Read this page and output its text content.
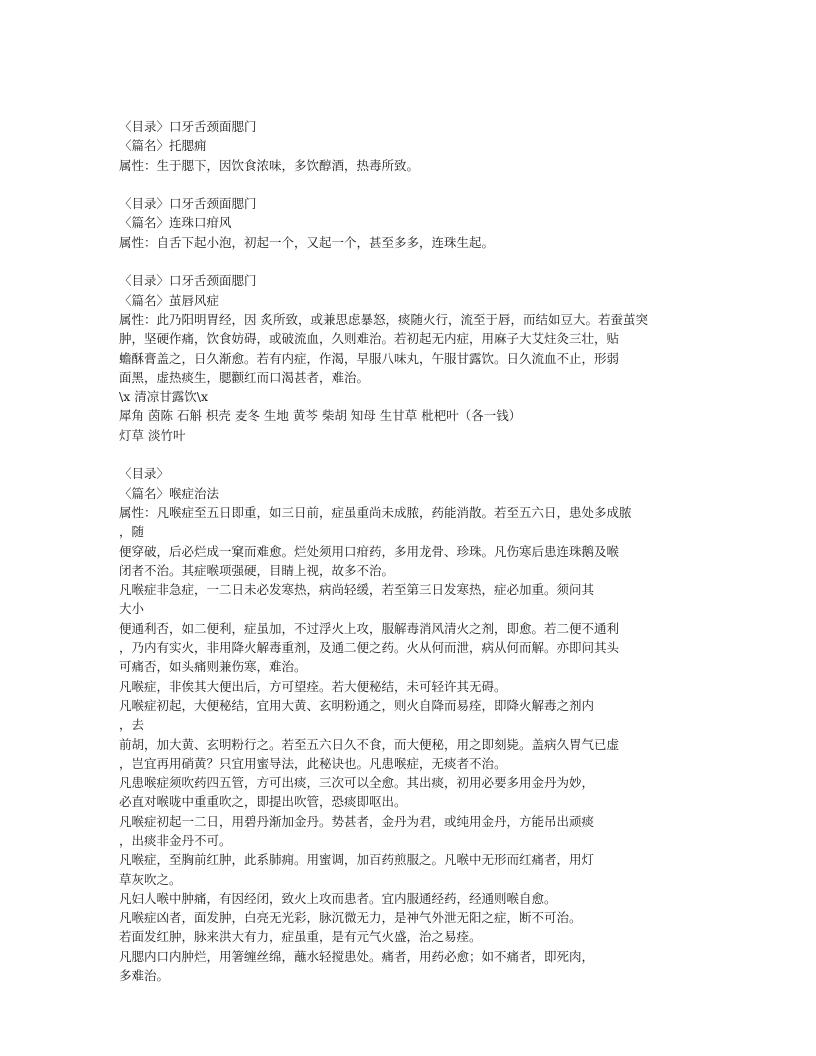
〈目录〉口牙舌颈面腮门
〈篇名〉托腮痈
属性：生于腮下，因饮食浓味，多饮醇酒，热毒所致。
〈目录〉口牙舌颈面腮门
〈篇名〉连珠口疳风
属性：自舌下起小泡，初起一个，又起一个，甚至多多，连珠生起。
〈目录〉口牙舌颈面腮门
〈篇名〉茧唇风症
属性：此乃阳明胃经，因 炙所致，或兼思虑暴怒，痰随火行，流至于唇，而结如豆大。若蚕茧突
肿，坚硬作痛，饮食妨碍，或破流血，久则难治。若初起无内症，用麻子大艾炷灸三壮，贴
蟾酥膏盖之，日久渐愈。若有内症，作渴，早服八味丸，午服甘露饮。日久流血不止，形弱
面黑，虚热痰生，腮颧红而口渴甚者，难治。
\x 清凉甘露饮\x
犀角 茵陈 石斛 枳壳 麦冬 生地 黄芩 柴胡 知母 生甘草 枇杷叶（各一钱）
灯草 淡竹叶
〈目录〉
〈篇名〉喉症治法
属性：凡喉症至五日即重，如三日前，症虽重尚未成脓，药能消散。若至五六日，患处多成脓
，随
便穿破，后必烂成一窠而难愈。烂处须用口疳药，多用龙骨、珍珠。凡伤寒后患连珠鹅及喉
闭者不治。其症喉项强硬，目睛上视，故多不治。
凡喉症非急症，一二日未必发寒热，病尚轻缓，若至第三日发寒热，症必加重。须问其
大小
便通利否，如二便利，症虽加，不过浮火上攻，服解毒消风清火之剂，即愈。若二便不通利
，乃内有实火，非用降火解毒重剂，及通二便之药。火从何而泄，病从何而解。亦即问其头
可痛否，如头痛则兼伤寒，难治。
凡喉症，非俟其大便出后，方可望痊。若大便秘结，未可轻许其无碍。
凡喉症初起，大便秘结，宜用大黄、玄明粉通之，则火自降而易痊，即降火解毒之剂内
，去
前胡，加大黄、玄明粉行之。若至五六日久不食，而大便秘，用之即刻毙。盖病久胃气已虚
，岂宜再用硝黄？只宜用蜜导法，此秘诀也。凡患喉症，无痰者不治。
凡患喉症须吹药四五管，方可出痰，三次可以全愈。其出痰，初用必要多用金丹为妙，
必直对喉咙中重重吹之，即提出吹管，恐痰即呕出。
凡喉症初起一二日，用碧丹渐加金丹。势甚者，金丹为君，或纯用金丹，方能吊出顽痰
，出痰非金丹不可。
凡喉症，至胸前红肿，此系肺痈。用蜜调，加百药煎服之。凡喉中无形而红痛者，用灯
草灰吹之。
凡妇人喉中肿痛，有因经闭，致火上攻而患者。宜内服通经药，经通则喉自愈。
凡喉症凶者，面发肿，白亮无光彩，脉沉微无力，是神气外泄无阳之症，断不可治。
若面发红肿，脉来洪大有力，症虽重，是有元气火盛，治之易痊。
凡腮内口内肿烂，用箸缠丝绵，蘸水轻搅患处。痛者，用药必愈；如不痛者，即死肉，
多难治。
